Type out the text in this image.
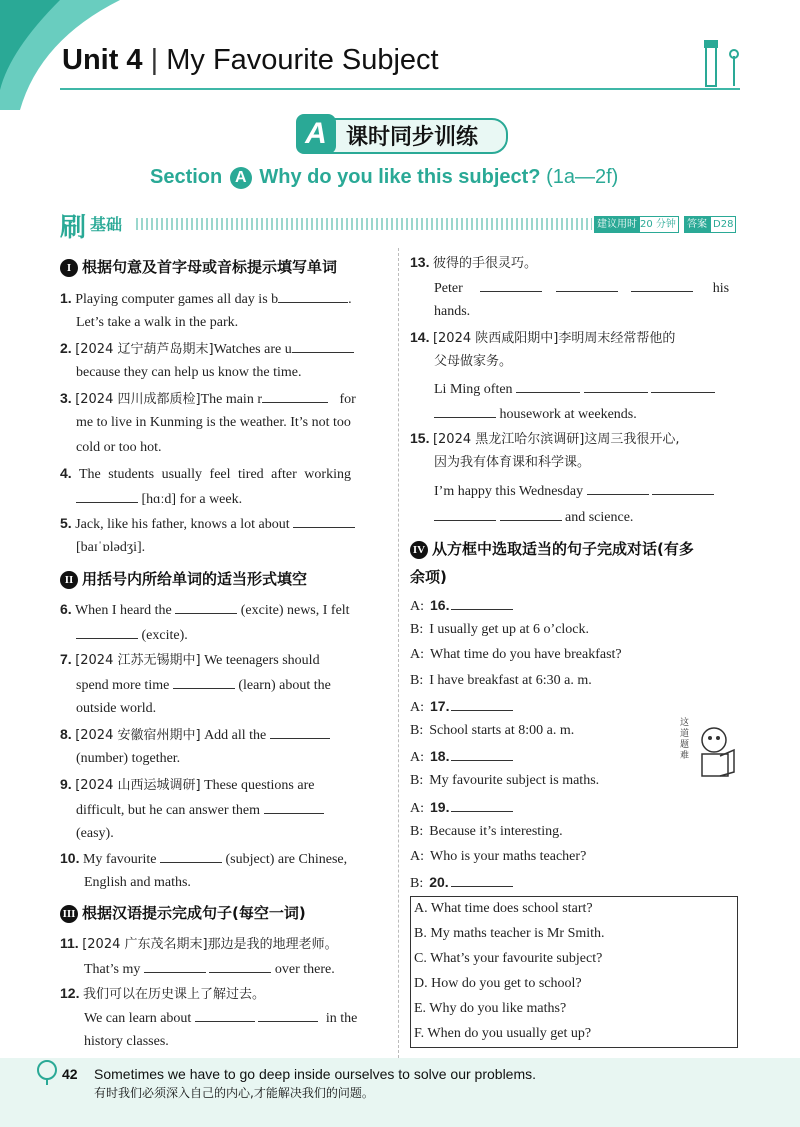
Unit 4 | My Favourite Subject
A 课时同步训练
Section A Why do you like this subject? (1a—2f)
刷 基础	建议用时 20 分钟	答案 D28
I 根据句意及首字母或音标提示填写单词
1. Playing computer games all day is b	.
Let’s take a walk in the park.
2. [2024 辽宁葫芦岛期末]Watches are u
because they can help us know the time.
3. [2024 四川成都质检]The main r	for
me to live in Kunming is the weather. It’s not too
cold or too hot.
4. The students usually feel tired after working
[hɑːd] for a week.
5. Jack, like his father, knows a lot about
[baɪˈɒlədʒi].
II 用括号内所给单词的适当形式填空
6. When I heard the	(excite) news, I felt
(excite).
7. [2024 江苏无锡期中] We teenagers should
spend more time	(learn) about the
outside world.
8. [2024 安徽宿州期中] Add all the
(number) together.
9. [2024 山西运城调研] These questions are
difficult, but he can answer them
(easy).
10. My favourite	(subject) are Chinese,
English and maths.
III 根据汉语提示完成句子(每空一词)
11. [2024 广东茂名期末]那边是我的地理老师。
That’s my	over there.
12. 我们可以在历史课上了解过去。
We can learn about	in the
history classes.
13. 彼得的手很灵巧。
Peter	his
hands.
14. [2024 陕西咸阳期中]李明周末经常帮他的
父母做家务。
Li Ming often
housework at weekends.
15. [2024 黑龙江哈尔滨调研]这周三我很开心,
因为我有体育课和科学课。
I’m happy this Wednesday
and science.
IV 从方框中选取适当的句子完成对话(有多
余项)
A: 16.
B: I usually get up at 6 o’clock.
A: What time do you have breakfast?
B: I have breakfast at 6:30 a. m.
A: 17.
B: School starts at 8:00 a. m.
A: 18.
B: My favourite subject is maths.
A: 19.
B: Because it’s interesting.
A: Who is your maths teacher?
B: 20.
这道题难
A. What time does school start?
B. My maths teacher is Mr Smith.
C. What’s your favourite subject?
D. How do you get to school?
E. Why do you like maths?
F. When do you usually get up?
42 Sometimes we have to go deep inside ourselves to solve our problems.
有时我们必须深入自己的内心,才能解决我们的问题。
